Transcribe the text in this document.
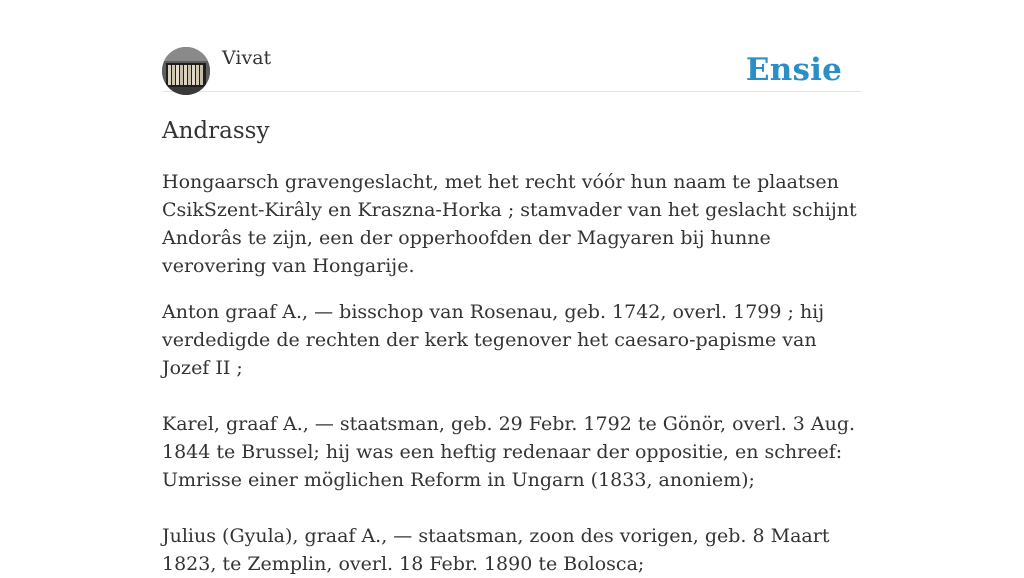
Vivat	Ensie
Andrassy

Hongaarsch gravengeslacht, met het recht vóór hun naam te plaatsen CsikSzent-Kirâly en Kraszna-Horka ; stamvader van het geslacht schijnt Andorâs te zijn, een der opperhoofden der Magyaren bij hunne verovering van Hongarije.

Anton graaf A., — bisschop van Rosenau, geb. 1742, overl. 1799 ; hij verdedigde de rechten der kerk tegenover het caesaro-papisme van Jozef II ;

Karel, graaf A., — staatsman, geb. 29 Febr. 1792 te Gönör, overl. 3 Aug. 1844 te Brussel; hij was een heftig redenaar der oppositie, en schreef: Umrisse einer möglichen Reform in Ungarn (1833, anoniem);

Julius (Gyula), graaf A., — staatsman, zoon des vorigen, geb. 8 Maart 1823, te Zemplin, overl. 18 Febr. 1890 te Bolosca;
